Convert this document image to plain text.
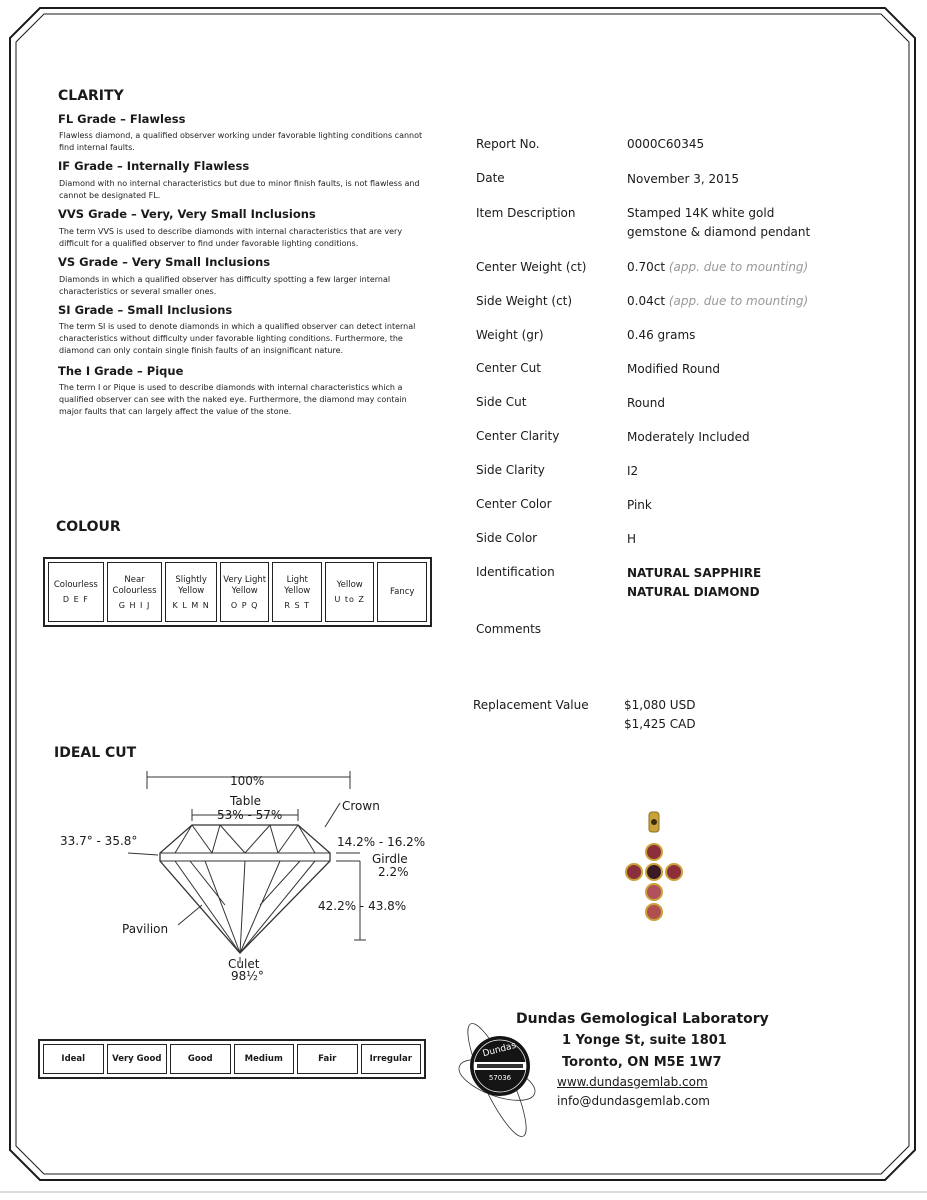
CLARITY
FL Grade – Flawless
Flawless diamond, a qualified observer working under favorable lighting conditions cannot find internal faults.
IF Grade – Internally Flawless
Diamond with no internal characteristics but due to minor finish faults, is not flawless and cannot be designated FL.
VVS Grade – Very, Very Small Inclusions
The term VVS is used to describe diamonds with internal characteristics that are very difficult for a qualified observer to find under favorable lighting conditions.
VS Grade – Very Small Inclusions
Diamonds in which a qualified observer has difficulty spotting a few larger internal characteristics or several smaller ones.
SI Grade – Small Inclusions
The term SI is used to denote diamonds in which a qualified observer can detect internal characteristics without difficulty under favorable lighting conditions. Furthermore, the diamond can only contain single finish faults of an insignificant nature.
The I Grade – Pique
The term I or Pique is used to describe diamonds with internal characteristics which a qualified observer can see with the naked eye. Furthermore, the diamond may contain major faults that can largely affect the value of the stone.
COLOUR
Colourless
D E F

Near Colourless
G H I J

Slightly Yellow
K L M N

Very Light Yellow
O P Q

Light Yellow
R S T

Yellow
U to Z

Fancy
IDEAL CUT
100%
Table
53% - 57%
Crown
33.7° - 35.8°	14.2% - 16.2%
Girdle
2.2%
42.2% - 43.8%
Pavilion
Culet
98½°
Ideal	Very Good	Good	Medium	Fair	Irregular
Report No.	0000C60345
Date	November 3, 2015
Item Description	Stamped 14K white gold
gemstone & diamond pendant
Center Weight (ct)	0.70ct (app. due to mounting)
Side Weight (ct)	0.04ct (app. due to mounting)
Weight (gr)	0.46 grams
Center Cut	Modified Round
Side Cut	Round
Center Clarity	Moderately Included
Side Clarity	I2
Center Color	Pink
Side Color	H
Identification	NATURAL SAPPHIRE
NATURAL DIAMOND
Comments
Replacement Value	$1,080 USD
$1,425 CAD
Dundas
57036
Dundas Gemological Laboratory
1 Yonge St, suite 1801
Toronto, ON M5E 1W7
www.dundasgemlab.com
info@dundasgemlab.com
